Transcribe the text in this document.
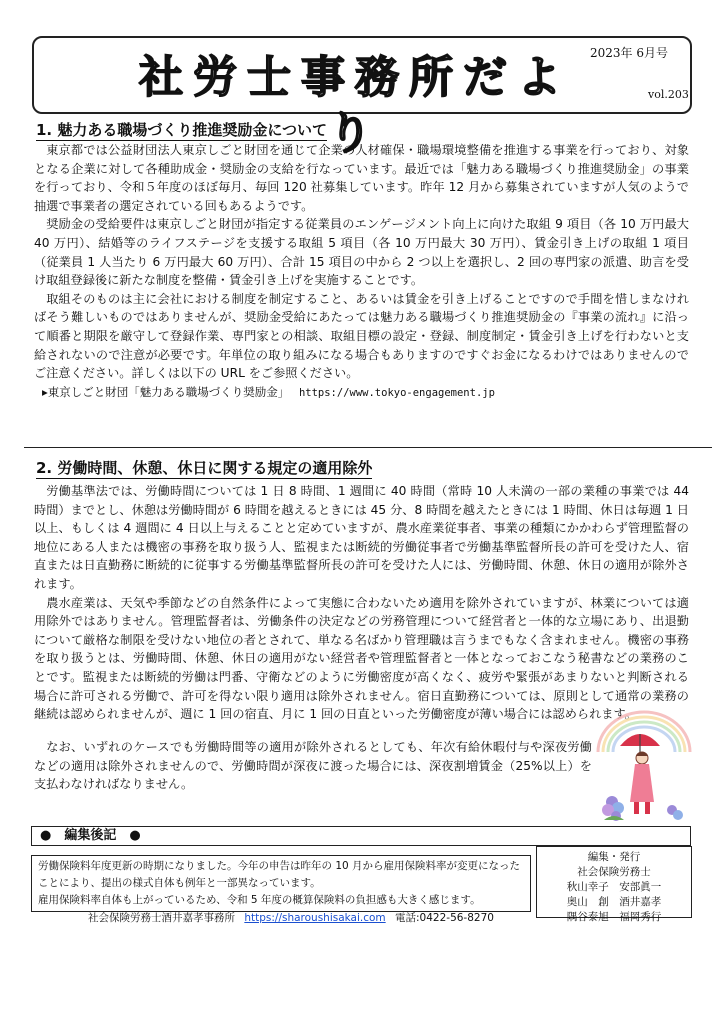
社労士事務所だより
2023年 6月号
vol.203
1. 魅力ある職場づくり推進奨励金について

東京都では公益財団法人東京しごと財団を通じて企業の人材確保・職場環境整備を推進する事業を行っており、対象となる企業に対して各種助成金・奨励金の支給を行なっています。最近では「魅力ある職場づくり推進奨励金」の事業を行っており、令和５年度のほぼ毎月、毎回 120 社募集しています。昨年 12 月から募集されていますが人気のようで抽選で事業者の選定されている回もあるようです。

奨励金の受給要件は東京しごと財団が指定する従業員のエンゲージメント向上に向けた取組 9 項目（各 10 万円最大 40 万円）、結婚等のライフステージを支援する取組 5 項目（各 10 万円最大 30 万円）、賃金引き上げの取組 1 項目（従業員 1 人当たり 6 万円最大 60 万円）、合計 15 項目の中から 2 つ以上を選択し、2 回の専門家の派遣、助言を受け取組登録後に新たな制度を整備・賃金引き上げを実施することです。

取組そのものは主に会社における制度を制定すること、あるいは賃金を引き上げることですので手間を惜しまなければそう難しいものではありませんが、奨励金受給にあたっては魅力ある職場づくり推進奨励金の『事業の流れ』に沿って順番と期限を厳守して登録作業、専門家との相談、取組目標の設定・登録、制度制定・賃金引き上げを行わないと支給されないので注意が必要です。年単位の取り組みになる場合もありますのですぐお金になるわけではありませんのでご注意ください。詳しくは以下の URL をご参照ください。

▸東京しごと財団「魅力ある職場づくり奨励金」 https://www.tokyo-engagement.jp
2. 労働時間、休憩、休日に関する規定の適用除外

労働基準法では、労働時間については 1 日 8 時間、1 週間に 40 時間（常時 10 人未満の一部の業種の事業では 44 時間）までとし、休憩は労働時間が 6 時間を越えるときには 45 分、8 時間を越えたときには 1 時間、休日は毎週 1 日以上、もしくは 4 週間に 4 日以上与えることと定めていますが、農水産業従事者、事業の種類にかかわらず管理監督の地位にある人または機密の事務を取り扱う人、監視または断続的労働従事者で労働基準監督所長の許可を受けた人、宿直または日直勤務に断続的に従事する労働基準監督所長の許可を受けた人には、労働時間、休憩、休日の適用が除外されます。

農水産業は、天気や季節などの自然条件によって実態に合わないため適用を除外されていますが、林業については適用除外ではありません。管理監督者は、労働条件の決定などの労務管理について経営者と一体的な立場にあり、出退勤について厳格な制限を受けない地位の者とされて、単なる名ばかり管理職は言うまでもなく含まれません。機密の事務を取り扱うとは、労働時間、休憩、休日の適用がない経営者や管理監督者と一体となっておこなう秘書などの業務のことです。監視または断続的労働は門番、守衛などのように労働密度が高くなく、疲労や緊張があまりないと判断される場合に許可される労働で、許可を得ない限り適用は除外されません。宿日直勤務については、原則として通常の業務の継続は認められませんが、週に 1 回の宿直、月に 1 回の日直といった労働密度が薄い場合には認められます。

なお、いずれのケースでも労働時間等の適用が除外されるとしても、年次有給休暇付与や深夜労働などの適用は除外されませんので、労働時間が深夜に渡った場合には、深夜割増賃金（25%以上）を支払わなければなりません。

●　編集後記　●

労働保険料年度更新の時期になりました。今年の申告は昨年の 10 月から雇用保険料率が変更になったことにより、提出の様式自体も例年と一部異なっています。

雇用保険料率自体も上がっているため、令和 5 年度の概算保険料の負担感も大きく感じます。

社会保険労務士酒井嘉孝事務所 https://sharoushisakai.com 電話:0422-56-8270
編集・発行
社会保険労務士
秋山幸子　安部眞一
奥山　創　酒井嘉孝
隅谷泰旭　福岡秀行
